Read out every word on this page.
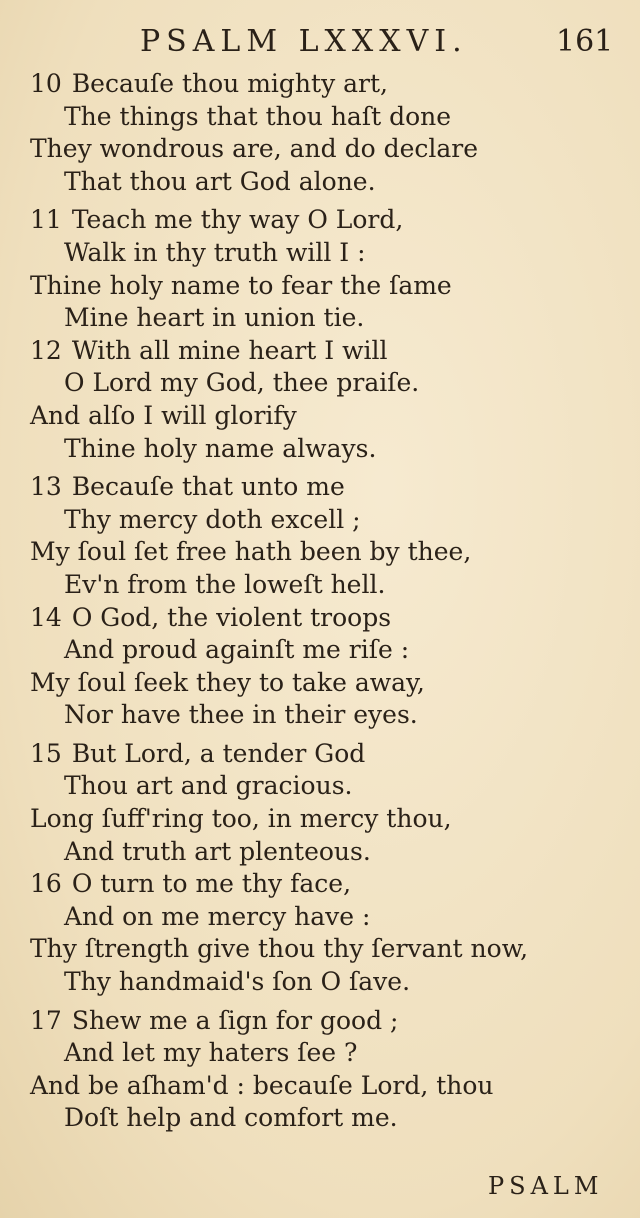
PSALM LXXXVI.	161
10 Becauſe thou mighty art,
The things that thou haſt done
They wondrous are, and do declare
That thou art God alone.
11 Teach me thy way O Lord,
Walk in thy truth will I :
Thine holy name to fear the ſame
Mine heart in union tie.
12 With all mine heart I will
O Lord my God, thee praiſe.
And alſo I will glorify
Thine holy name always.
13 Becauſe that unto me
Thy mercy doth excell ;
My ſoul ſet free hath been by thee,
Ev'n from the loweſt hell.
14 O God, the violent troops
And proud againſt me riſe :
My ſoul ſeek they to take away,
Nor have thee in their eyes.
15 But Lord, a tender God
Thou art and gracious.
Long ſuff'ring too, in mercy thou,
And truth art plenteous.
16 O turn to me thy face,
And on me mercy have :
Thy ſtrength give thou thy ſervant now,
Thy handmaid's ſon O ſave.
17 Shew me a ſign for good ;
And let my haters ſee ?
And be aſham'd : becauſe Lord, thou
Doſt help and comfort me.
PSALM
